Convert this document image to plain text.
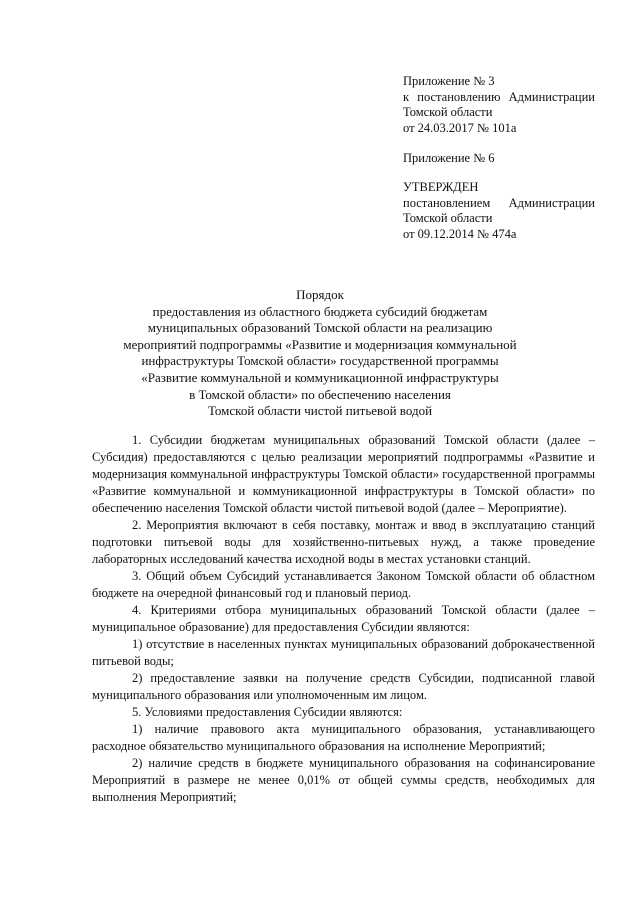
Приложение № 3
к постановлению Администрации
Томской области
от 24.03.2017 № 101а
Приложение № 6
УТВЕРЖДЕН
постановлением Администрации
Томской области
от 09.12.2014 № 474а
Порядок
предоставления из областного бюджета субсидий бюджетам
муниципальных образований Томской области на реализацию
мероприятий подпрограммы «Развитие и модернизация коммунальной
инфраструктуры Томской области» государственной программы
«Развитие коммунальной и коммуникационной инфраструктуры
в Томской области» по обеспечению населения
Томской области чистой питьевой водой

1. Субсидии бюджетам муниципальных образований Томской области (далее – Субсидия) предоставляются с целью реализации мероприятий подпрограммы «Развитие и модернизация коммунальной инфраструктуры Томской области» государственной программы «Развитие коммунальной и коммуникационной инфраструктуры в Томской области» по обеспечению населения Томской области чистой питьевой водой (далее – Мероприятие).

2. Мероприятия включают в себя поставку, монтаж и ввод в эксплуатацию станций подготовки питьевой воды для хозяйственно-питьевых нужд, а также проведение лабораторных исследований качества исходной воды в местах установки станций.

3. Общий объем Субсидий устанавливается Законом Томской области об областном бюджете на очередной финансовый год и плановый период.

4. Критериями отбора муниципальных образований Томской области (далее – муниципальное образование) для предоставления Субсидии являются:

1) отсутствие в населенных пунктах муниципальных образований доброкачественной питьевой воды;

2) предоставление заявки на получение средств Субсидии, подписанной главой муниципального образования или уполномоченным им лицом.

5. Условиями предоставления Субсидии являются:

1) наличие правового акта муниципального образования, устанавливающего расходное обязательство муниципального образования на исполнение Мероприятий;

2) наличие средств в бюджете муниципального образования на софинансирование Мероприятий в размере не менее 0,01% от общей суммы средств, необходимых для выполнения Мероприятий;
